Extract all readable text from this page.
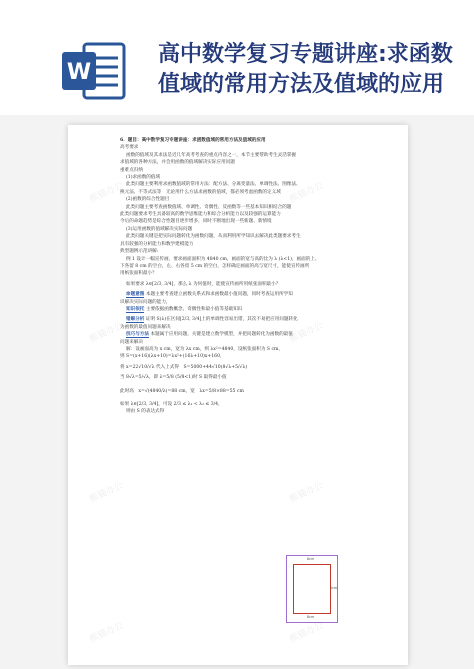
W
高中数学复习专题讲座:求函数值域的常用方法及值域的应用
熊猫办公	熊猫办公
熊猫办公	熊猫办公
熊猫办公	熊猫办公
熊猫办公	熊猫办公

6．题目：高中数学复习专题讲座：求函数值域的常用方法及值域的应用

高考要求

函数的值域及其求法是近几年高考考查的重点内容之一，本节主要帮助考生灵活掌握

求值域的各种方法，并会用函数的值域解决实际应用问题

重难点归纳

(1)求函数的值域

此类问题主要利用求函数值域的常用方法：配方法、分离变量法、单调性法、图像法、

换元法、不等式法等　无论用什么方法求函数的值域，都必须考虑函数的定义域

(2)函数的综合性题目

此类问题主要考查函数值域、单调性、奇偶性、反函数等一些基本知识相结合的题

此类问题要求考生具备较高的数学思维能力和综合分析能力以及较强的运算能力

今后的命题趋势是综合性题目逐步增多，同时不断地出现一些新题、新情境

(3)运用函数的值域解决实际问题

此类问题关键是把实际问题转化为函数问题，从而利用所学知识去解决此类题要求考生

具有较强的分析能力和数学建模能力

典型题例示范讲解:

例 1 设计一幅宣传画，要求画面面积为 4840 cm，画面的宽与高的比为 λ (λ<1)，画面的上、

下各留 8 cm 的空白，左、右各留 5 cm 的空白，怎样确定画面的高与宽尺寸，能使宣传画所

用纸张面积最小？

如果要求 λ∈[2/3, 3/4]，那么 λ 为何值时，能使宣传画所用纸张面积最小？

命题意图 本题主要考查建立函数关系式和求函数最小值问题，同时考查运用所学知

识解决实际问题的能力，

知识依托 主要依据函数概念、奇偶性和最小值等基础知识

错解分析 证明 S(λ)在区间[2/3, 3/4]上的单调性容易出错，其次不易把应用问题转化

为函数的最值问题来解决

技巧与方法 本题属于应用问题，关键是建立数学模型，并把问题转化为函数的最值

问题来解决

解：设画面高为 x cm，宽为 λx cm，则 λx²=4840，设纸张面积为 S cm，

则 S=(x+16)(λx+10)=λx²+(16λ+10)x+160,

将 x=22√10/√λ 代入上式得　S=5000+44√10(8√λ+5/√λ)

当 8√λ=5/√λ，即 λ=5/8 (5/8<1)时 S 取得最小值

此时高　x=√(4840/λ)=88 cm，宽　λx=5/8×88=55 cm

如果 λ∈[2/3, 3/4]，可设 2/3 ≤ λ₁ < λ₂ ≤ 3/4，

则由 S 的表达式得

8cm
5cm
8cm
